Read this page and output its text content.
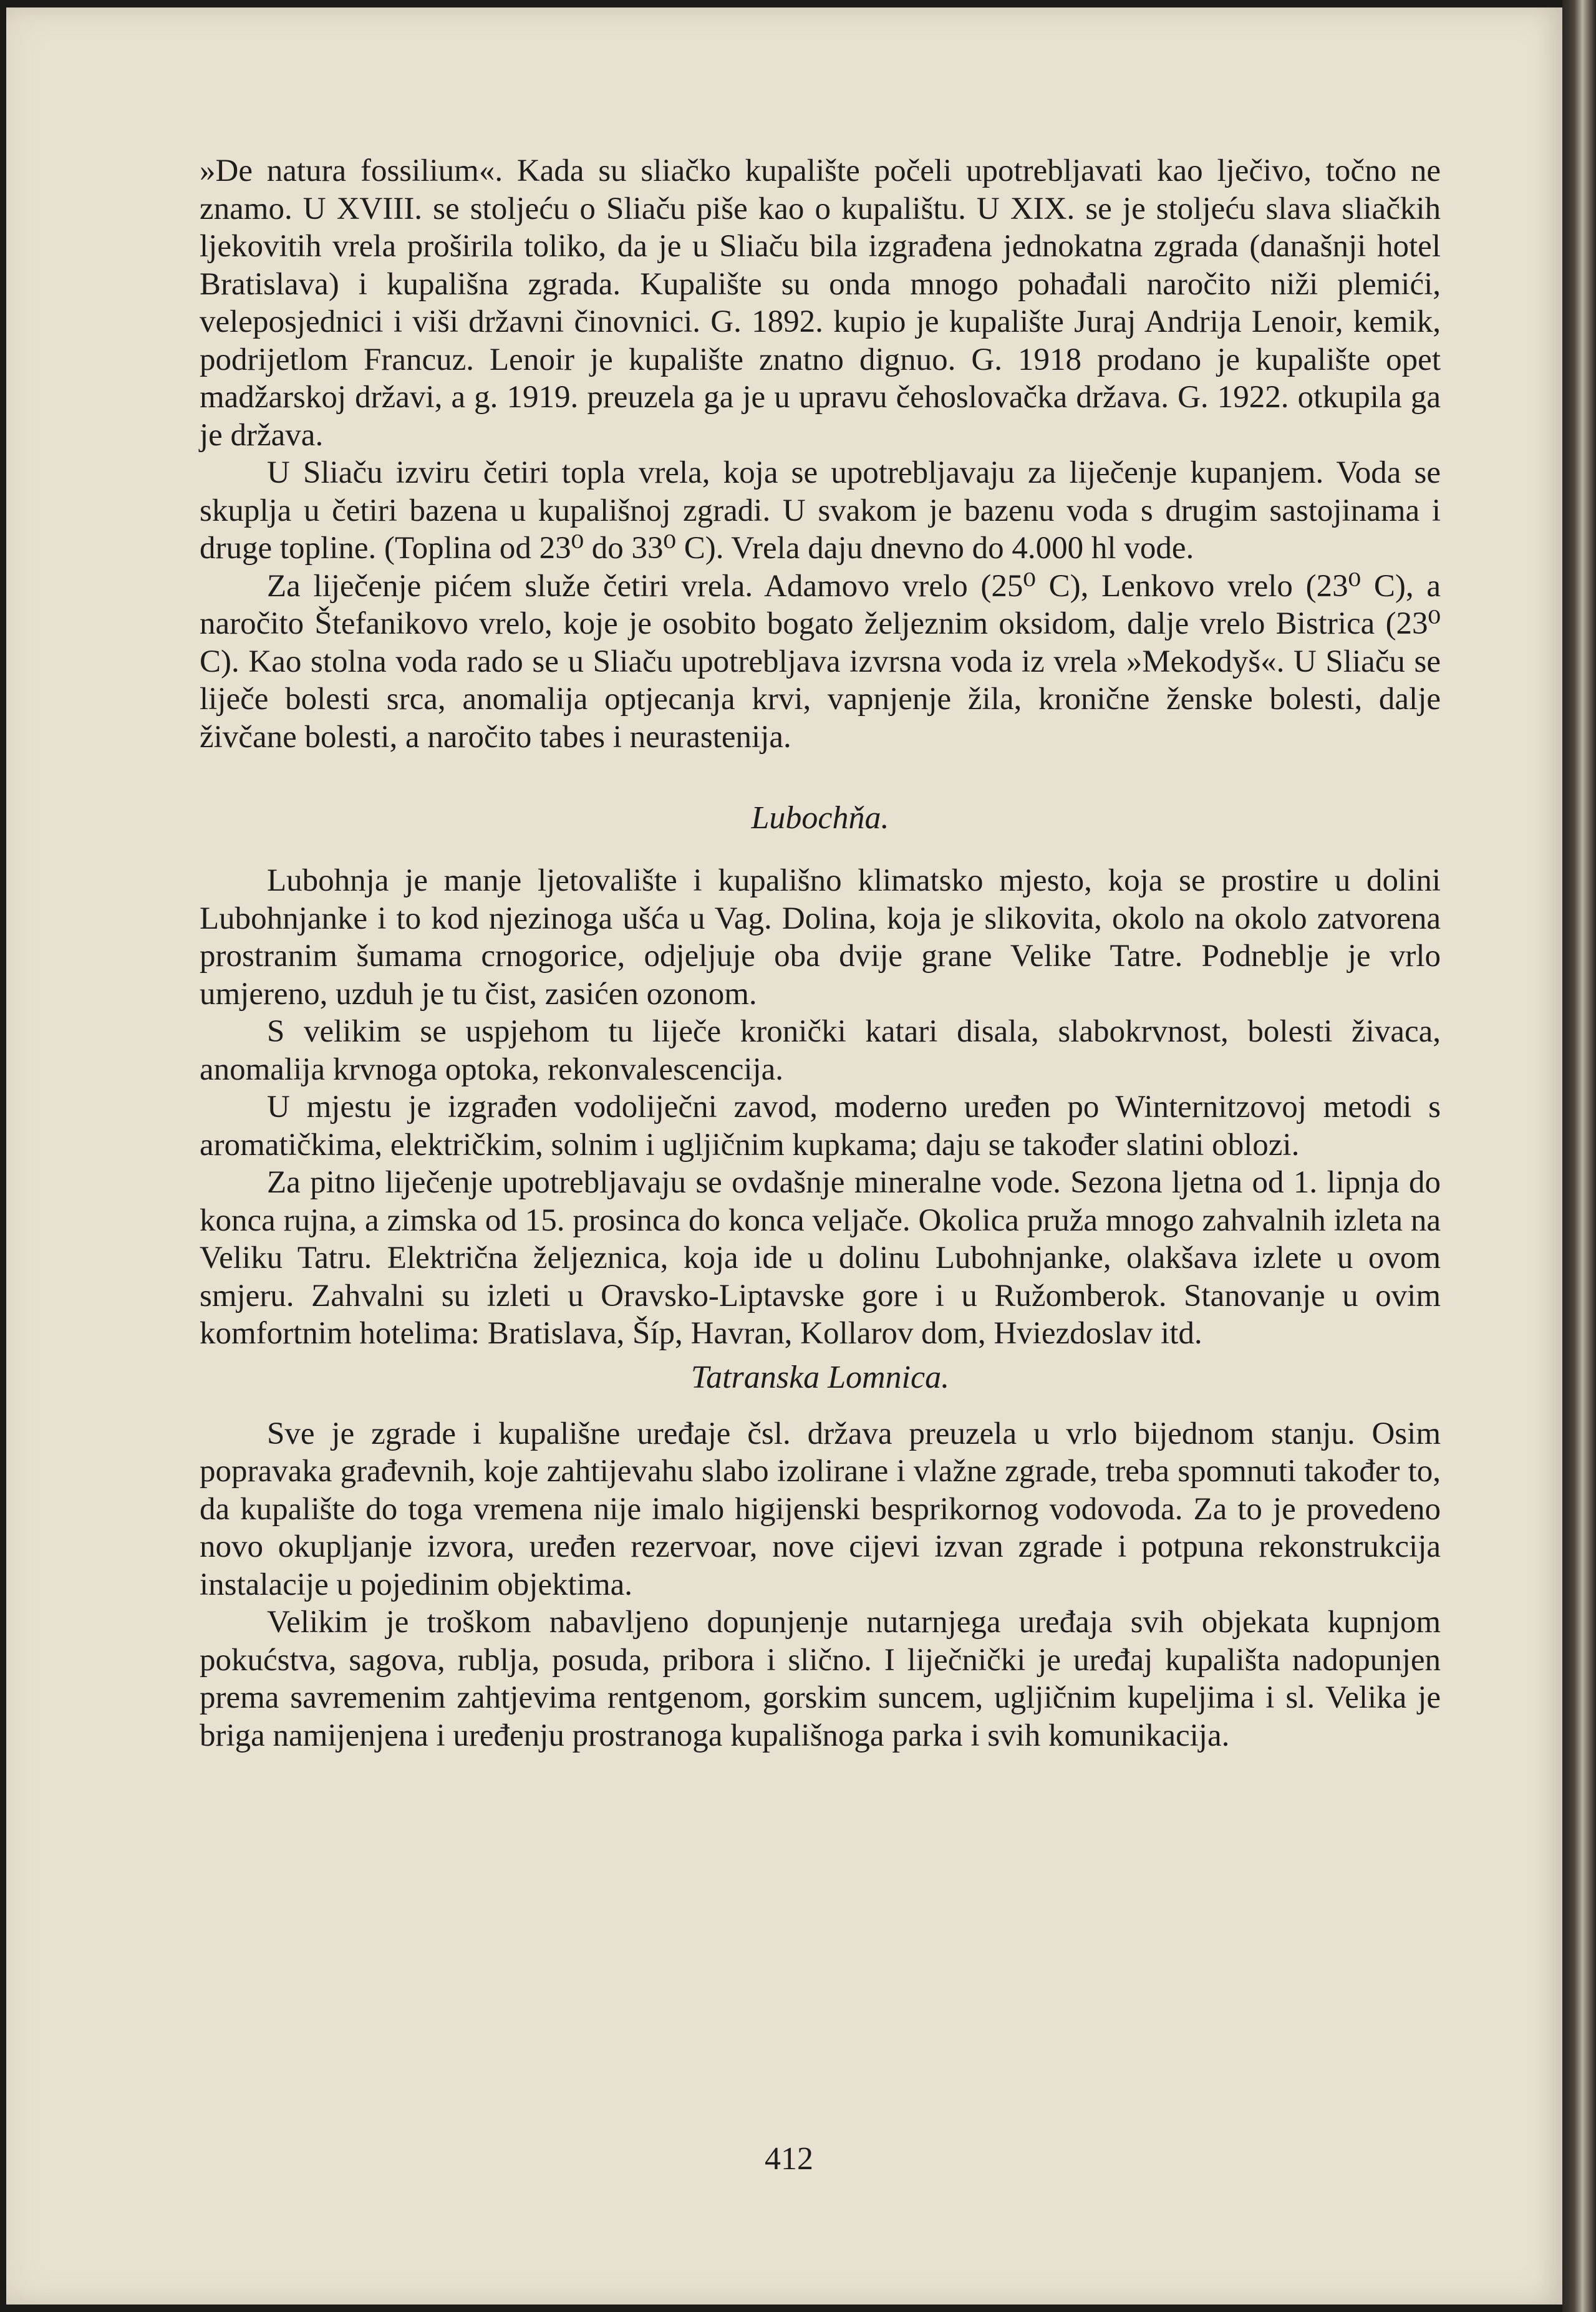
»De natura fossilium«. Kada su sliačko kupalište počeli upotrebljavati kao lječivo, točno ne znamo. U XVIII. se stoljeću o Sliaču piše kao o kupalištu. U XIX. se je stoljeću slava sliačkih ljekovitih vrela proširila toliko, da je u Sliaču bila izgrađena jednokatna zgrada (današnji hotel Bratislava) i kupališna zgrada. Kupalište su onda mnogo pohađali naročito niži plemići, veleposjednici i viši državni činovnici. G. 1892. kupio je kupalište Juraj Andrija Lenoir, kemik, podrijetlom Francuz. Lenoir je kupalište znatno dignuo. G. 1918 prodano je kupalište opet madžarskoj državi, a g. 1919. preuzela ga je u upravu čehoslovačka država. G. 1922. otkupila ga je država.

U Sliaču izviru četiri topla vrela, koja se upotrebljavaju za liječenje kupanjem. Voda se skuplja u četiri bazena u kupališnoj zgradi. U svakom je bazenu voda s drugim sastojinama i druge topline. (Toplina od 23⁰ do 33⁰ C). Vrela daju dnevno do 4.000 hl vode.

Za liječenje pićem služe četiri vrela. Adamovo vrelo (25⁰ C), Lenkovo vrelo (23⁰ C), a naročito Štefanikovo vrelo, koje je osobito bogato željeznim oksidom, dalje vrelo Bistrica (23⁰ C). Kao stolna voda rado se u Sliaču upotrebljava izvrsna voda iz vrela »Mekodyš«. U Sliaču se liječe bolesti srca, anomalija optjecanja krvi, vapnjenje žila, kronične ženske bolesti, dalje živčane bolesti, a naročito tabes i neurastenija.

Lubochňa.

Lubohnja je manje ljetovalište i kupališno klimatsko mjesto, koja se prostire u dolini Lubohnjanke i to kod njezinoga ušća u Vag. Dolina, koja je slikovita, okolo na okolo zatvorena prostranim šumama crnogorice, odjeljuje oba dvije grane Velike Tatre. Podneblje je vrlo umjereno, uzduh je tu čist, zasićen ozonom.

S velikim se uspjehom tu liječe kronički katari disala, slabokrvnost, bolesti živaca, anomalija krvnoga optoka, rekonvalescencija.

U mjestu je izgrađen vodoliječni zavod, moderno uređen po Winternitzovoj metodi s aromatičkima, električkim, solnim i ugljičnim kupkama; daju se također slatini oblozi.

Za pitno liječenje upotrebljavaju se ovdašnje mineralne vode. Sezona ljetna od 1. lipnja do konca rujna, a zimska od 15. prosinca do konca veljače. Okolica pruža mnogo zahvalnih izleta na Veliku Tatru. Električna željeznica, koja ide u dolinu Lubohnjanke, olakšava izlete u ovom smjeru. Zahvalni su izleti u Oravsko-Liptavske gore i u Ružomberok. Stanovanje u ovim komfortnim hotelima: Bratislava, Šíp, Havran, Kollarov dom, Hviezdoslav itd.

Tatranska Lomnica.

Sve je zgrade i kupališne uređaje čsl. država preuzela u vrlo bijednom stanju. Osim popravaka građevnih, koje zahtijevahu slabo izolirane i vlažne zgrade, treba spomnuti također to, da kupalište do toga vremena nije imalo higijenski besprikornog vodovoda. Za to je provedeno novo okupljanje izvora, uređen rezervoar, nove cijevi izvan zgrade i potpuna rekonstrukcija instalacije u pojedinim objektima.

Velikim je troškom nabavljeno dopunjenje nutarnjega uređaja svih objekata kupnjom pokućstva, sagova, rublja, posuda, pribora i slično. I liječnički je uređaj kupališta nadopunjen prema savremenim zahtjevima rentgenom, gorskim suncem, ugljičnim kupeljima i sl. Velika je briga namijenjena i uređenju prostranoga kupališnoga parka i svih komunikacija.

412
